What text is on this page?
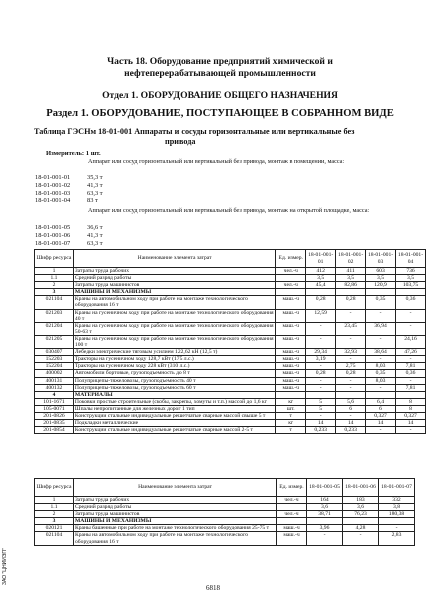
ЗАО "ЦНИИЭП"
Часть 18. Оборудование предприятий химической и нефтеперерабатывающей промышленности
Отдел 1. ОБОРУДОВАНИЕ ОБЩЕГО НАЗНАЧЕНИЯ
Раздел 1. ОБОРУДОВАНИЕ, ПОСТУПАЮЩЕЕ В СОБРАННОМ ВИДЕ
Таблица ГЭСНм 18-01-001 Аппараты и сосуды горизонтальные или вертикальные без
привода
Измеритель: 1 шт.
Аппарат или сосуд горизонтальный или вертикальный без привода, монтаж в помещении, масса:
18-01-001-01	35,3 т
18-01-001-02	41,3 т
18-01-001-03	63,3 т
18-01-001-04	83 т
Аппарат или сосуд горизонтальный или вертикальный без привода, монтаж на открытой площадке, масса:
18-01-001-05	36,6 т
18-01-001-06	41,3 т
18-01-001-07	63,3 т
Шифр ресурса	Наименование элемента затрат	Ед. измер.	18-01-001-01	18-01-001-02	18-01-001-03	18-01-001-04
1	Затраты труда рабочих	чел.-ч	412	411	603	736
1.1	Средний разряд работы		3,5	3,5	3,5	3,5
2	Затраты труда машинистов	чел.-ч	45,4	82,86	120,9	103,75
3	МАШИНЫ И МЕХАНИЗМЫ					
021104	Краны на автомобильном ходу при работе на монтаже технологического оборудования 16 т	маш.-ч	0,28	0,28	0,35	0,36
021203	Краны на гусеничном ходу при работе на монтаже технологического оборудования 40 т	маш.-ч	12,59	-	-	-
021204	Краны на гусеничном ходу при работе на монтаже технологического оборудования 50-63 т	маш.-ч	-	23,45	36,94	-
021205	Краны на гусеничном ходу при работе на монтаже технологического оборудования 100 т	маш.-ч	-	-	-	24,16
030407	Лебедки электрические тяговым усилием 122,62 кН (12,5 т)	маш.-ч	29,34	32,93	38,64	47,26
152203	Тракторы на гусеничном ходу 128,7 кВт (175 л.с.)	маш.-ч	3,19	-	-	-
152204	Тракторы на гусеничном ходу 228 кВт (310 л.с.)	маш.-ч	-	2,75	8,03	7,81
400002	Автомобили бортовые, грузоподъемность до 8 т	маш.-ч	0,28	0,28	0,35	0,36
400131	Полуприцепы-тяжеловозы, грузоподъемность 40 т	маш.-ч	-	-	8,03	-
400132	Полуприцепы-тяжеловозы, грузоподъемность 60 т	маш.-ч	-	-	-	7,81
4	МАТЕРИАЛЫ					
101-1671	Поковки простые строительные (скобы, закрепы, хомуты и т.п.) массой до 1,6 кг	кг	5	5,6	6,4	8
105-0071	Шпалы непропитанные для железных дорог 1 тип	шт.	5	6	6	8
201-0826	Конструкции стальные индивидуальные решетчатые сварные массой свыше 5 т	т	-	-	0,327	0,327
201-0835	Подкладки металлические	кг	14	14	14	14
201-0854	Конструкции стальные индивидуальные решетчатые сварные массой 2-5 т	т	0,233	0,233	-	-
Шифр ресурса	Наименование элемента затрат	Ед. измер.	18-01-001-05	18-01-001-06	18-01-001-07
1	Затраты труда рабочих	чел.-ч	164	183	332
1.1	Средний разряд работы		3,6	3,6	3,8
2	Затраты труда машинистов	чел.-ч	38,71	76,23	180,38
3	МАШИНЫ И МЕХАНИЗМЫ				
020121	Краны башенные при работе на монтаже технологического оборудования 25-75 т	маш.-ч	3,96	4,28	-
021104	Краны на автомобильном ходу при работе на монтаже технологического оборудования 16 т	маш.-ч	-	-	2,83
6818
